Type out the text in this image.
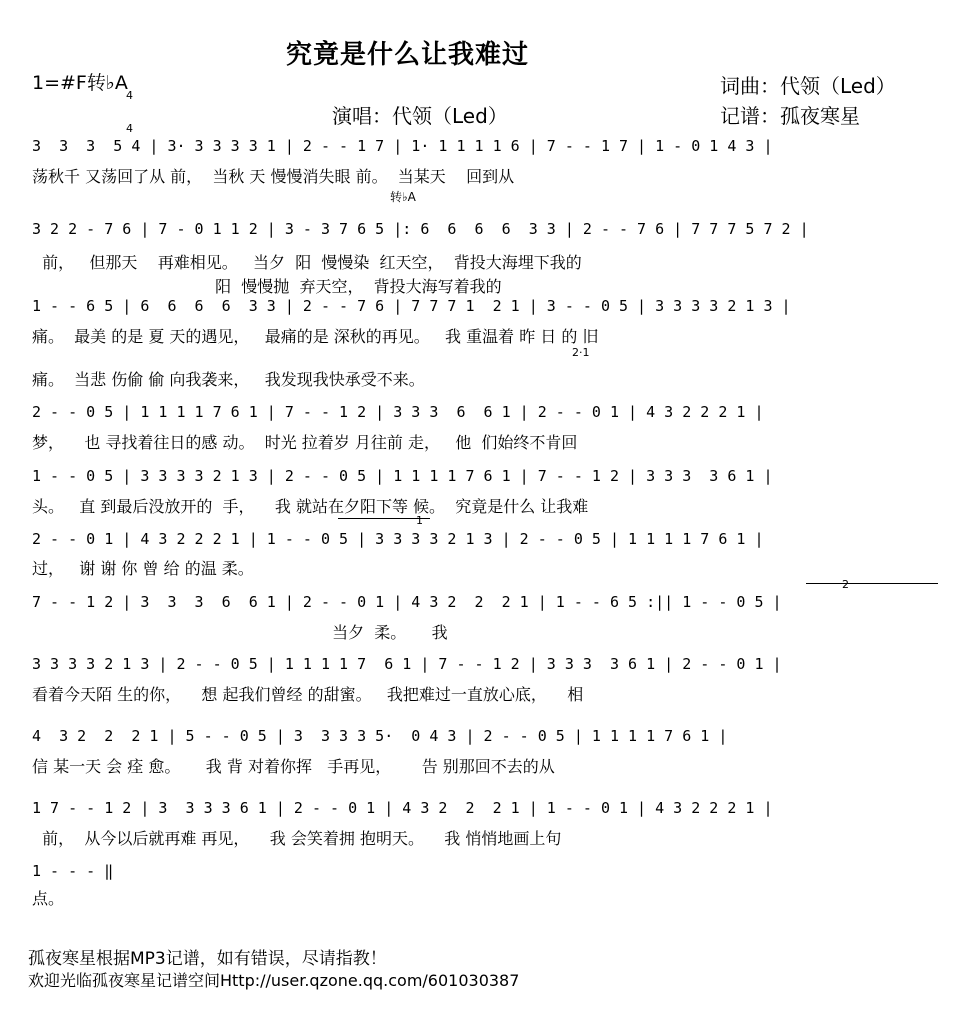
究竟是什么让我难过
1=#F转♭A

4

4

词曲：代领（Led）
演唱：代领（Led）	记谱：孤夜寒星
3  3  3  5 4 | 3· 3 3 3 3 1 | 2 - - 1 7 | 1· 1 1 1 1 6 | 7 - - 1 7 | 1 - 0 1 4 3 |
荡秋千 又荡回了从 前，  当秋 天 慢慢消失眼 前。  当某天    回到从
转♭A
3 2 2 - 7 6 | 7 - 0 1 1 2 | 3 - 3 7 6 5 |: 6  6  6  6  3 3 | 2 - - 7 6 | 7 7 7 5 7 2 |
前，   但那天    再难相见。   当夕  阳  慢慢染  红天空，  背投大海埋下我的
阳  慢慢抛  弃天空，  背投大海写着我的
1 - - 6 5 | 6  6  6  6  3 3 | 2 - - 7 6 | 7 7 7 1  2 1 | 3 - - 0 5 | 3 3 3 3 2 1 3 |
痛。  最美 的是 夏 天的遇见，   最痛的是 深秋的再见。   我 重温着 昨 日 的 旧
2·1
痛。  当悲 伤偷 偷 向我袭来，   我发现我快承受不来。
2 - - 0 5 | 1 1 1 1 7 6 1 | 7 - - 1 2 | 3 3 3  6  6 1 | 2 - - 0 1 | 4 3 2 2 2 1 |
梦，    也 寻找着往日的感 动。  时光 拉着岁 月往前 走，   他  们始终不肯回
1 - - 0 5 | 3 3 3 3 2 1 3 | 2 - - 0 5 | 1 1 1 1 7 6 1 | 7 - - 1 2 | 3 3 3  3 6 1 |
头。   直 到最后没放开的  手，    我 就站在夕阳下等 候。  究竟是什么 让我难
1
2 - - 0 1 | 4 3 2 2 2 1 | 1 - - 0 5 | 3 3 3 3 2 1 3 | 2 - - 0 5 | 1 1 1 1 7 6 1 |
过，   谢 谢 你 曾 给 的温 柔。
2
7 - - 1 2 | 3  3  3  6  6 1 | 2 - - 0 1 | 4 3 2  2  2 1 | 1 - - 6 5 :|| 1 - - 0 5 |
当夕  柔。     我
3 3 3 3 2 1 3 | 2 - - 0 5 | 1 1 1 1 7  6 1 | 7 - - 1 2 | 3 3 3  3 6 1 | 2 - - 0 1 |
看着今天陌 生的你，    想 起我们曾经 的甜蜜。   我把难过一直放心底，    相
4  3 2  2  2 1 | 5 - - 0 5 | 3  3 3 3 5·  0 4 3 | 2 - - 0 5 | 1 1 1 1 7 6 1 |
信 某一天 会 痊 愈。     我 背 对着你挥   手再见，      告 别那回不去的从
1 7 - - 1 2 | 3  3 3 3 6 1 | 2 - - 0 1 | 4 3 2  2  2 1 | 1 - - 0 1 | 4 3 2 2 2 1 |
前，  从今以后就再难 再见，    我 会笑着拥 抱明天。    我 悄悄地画上句
1 - - - ‖
点。
孤夜寒星根据MP3记谱，如有错误，尽请指教！
欢迎光临孤夜寒星记谱空间Http://user.qzone.qq.com/601030387
